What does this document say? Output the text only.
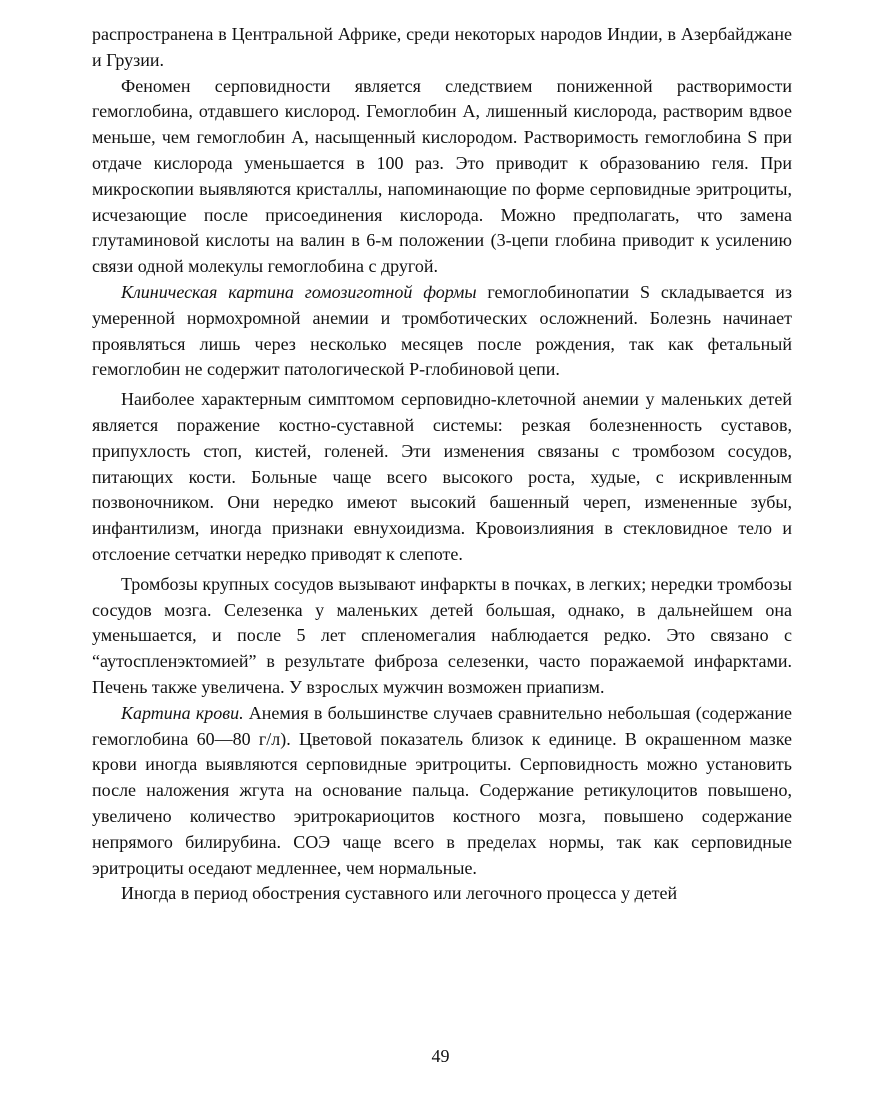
распространена в Центральной Африке, среди некоторых народов Индии, в Азербайджане и Грузии.

Феномен серповидности является следствием пониженной растворимости гемоглобина, отдавшего кислород. Гемоглобин А, лишенный кислорода, растворим вдвое меньше, чем гемоглобин А, насыщенный кислородом. Растворимость гемоглобина S при отдаче кислорода уменьшается в 100 раз. Это приводит к образованию геля. При микроскопии выявляются кристаллы, напоминающие по форме серповидные эритроциты, исчезающие после присоединения кислорода. Можно предполагать, что замена глутаминовой кислоты на валин в 6-м положении (3-цепи глобина приводит к усилению связи одной молекулы гемоглобина с другой.

Клиническая картина гомозиготной формы гемоглобинопатии S складывается из умеренной нормохромной анемии и тромботических осложнений. Болезнь начинает проявляться лишь через несколько месяцев после рождения, так как фетальный гемоглобин не содержит патологической Р-глобиновой цепи.

Наиболее характерным симптомом серповидно-клеточной анемии у маленьких детей является поражение костно-суставной системы: резкая болезненность суставов, припухлость стоп, кистей, голеней. Эти изменения связаны с тромбозом сосудов, питающих кости. Больные чаще всего высокого роста, худые, с искривленным позвоночником. Они нередко имеют высокий башенный череп, измененные зубы, инфантилизм, иногда признаки евнухоидизма. Кровоизлияния в стекловидное тело и отслоение сетчатки нередко приводят к слепоте.

Тромбозы крупных сосудов вызывают инфаркты в почках, в легких; нередки тромбозы сосудов мозга. Селезенка у маленьких детей большая, однако, в дальнейшем она уменьшается, и после 5 лет спленомегалия наблюдается редко. Это связано с “аутоспленэктомией” в результате фиброза селезенки, часто поражаемой инфарктами. Печень также увеличена. У взрослых мужчин возможен приапизм.

Картина крови. Анемия в большинстве случаев сравнительно небольшая (содержание гемоглобина 60—80 г/л). Цветовой показатель близок к единице. В окрашенном мазке крови иногда выявляются серповидные эритроциты. Серповидность можно установить после наложения жгута на основание пальца. Содержание ретикулоцитов повышено, увеличено количество эритрокариоцитов костного мозга, повышено содержание непрямого билирубина. СОЭ чаще всего в пределах нормы, так как серповидные эритроциты оседают медленнее, чем нормальные.

Иногда в период обострения суставного или легочного процесса у детей

49
